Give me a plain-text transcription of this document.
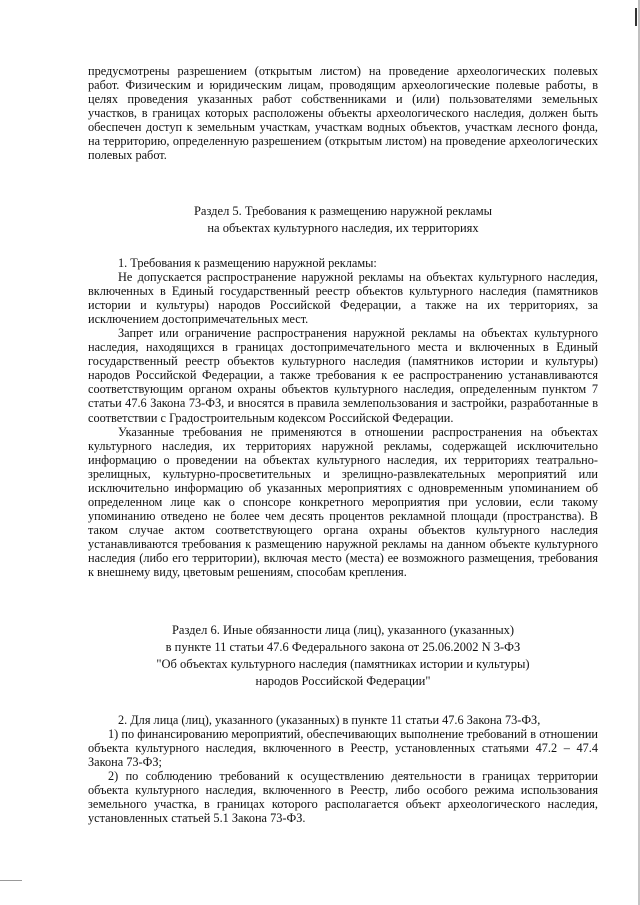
предусмотрены разрешением (открытым листом) на проведение археологических полевых работ. Физическим и юридическим лицам, проводящим археологические полевые работы, в целях проведения указанных работ собственниками и (или) пользователями земельных участков, в границах которых расположены объекты археологического наследия, должен быть обеспечен доступ к земельным участкам, участкам водных объектов, участкам лесного фонда, на территорию, определенную разрешением (открытым листом) на проведение археологических полевых работ.

Раздел 5. Требования к размещению наружной рекламы

на объектах культурного наследия, их территориях

1. Требования к размещению наружной рекламы:

Не допускается распространение наружной рекламы на объектах культурного наследия, включенных в Единый государственный реестр объектов культурного наследия (памятников истории и культуры) народов Российской Федерации, а также на их территориях, за исключением достопримечательных мест.

Запрет или ограничение распространения наружной рекламы на объектах культурного наследия, находящихся в границах достопримечательного места и включенных в Единый государственный реестр объектов культурного наследия (памятников истории и культуры) народов Российской Федерации, а также требования к ее распространению устанавливаются соответствующим органом охраны объектов культурного наследия, определенным пунктом 7 статьи 47.6 Закона 73-ФЗ, и вносятся в правила землепользования и застройки, разработанные в соответствии с Градостроительным кодексом Российской Федерации.

Указанные требования не применяются в отношении распространения на объектах культурного наследия, их территориях наружной рекламы, содержащей исключительно информацию о проведении на объектах культурного наследия, их территориях театрально-зрелищных, культурно-просветительных и зрелищно-развлекательных мероприятий или исключительно информацию об указанных мероприятиях с одновременным упоминанием об определенном лице как о спонсоре конкретного мероприятия при условии, если такому упоминанию отведено не более чем десять процентов рекламной площади (пространства). В таком случае актом соответствующего органа охраны объектов культурного наследия устанавливаются требования к размещению наружной рекламы на данном объекте культурного наследия (либо его территории), включая место (места) ее возможного размещения, требования к внешнему виду, цветовым решениям, способам крепления.

Раздел 6. Иные обязанности лица (лиц), указанного (указанных)

в пункте 11 статьи 47.6 Федерального закона от 25.06.2002 N 3-ФЗ

"Об объектах культурного наследия (памятниках истории и культуры)

народов Российской Федерации"

2. Для лица (лиц), указанного (указанных) в пункте 11 статьи 47.6 Закона 73-ФЗ,

1) по финансированию мероприятий, обеспечивающих выполнение требований в отношении объекта культурного наследия, включенного в Реестр, установленных статьями 47.2 – 47.4 Закона 73-ФЗ;

2) по соблюдению требований к осуществлению деятельности в границах территории объекта культурного наследия, включенного в Реестр, либо особого режима использования земельного участка, в границах которого располагается объект археологического наследия, установленных статьей 5.1 Закона 73-ФЗ.
